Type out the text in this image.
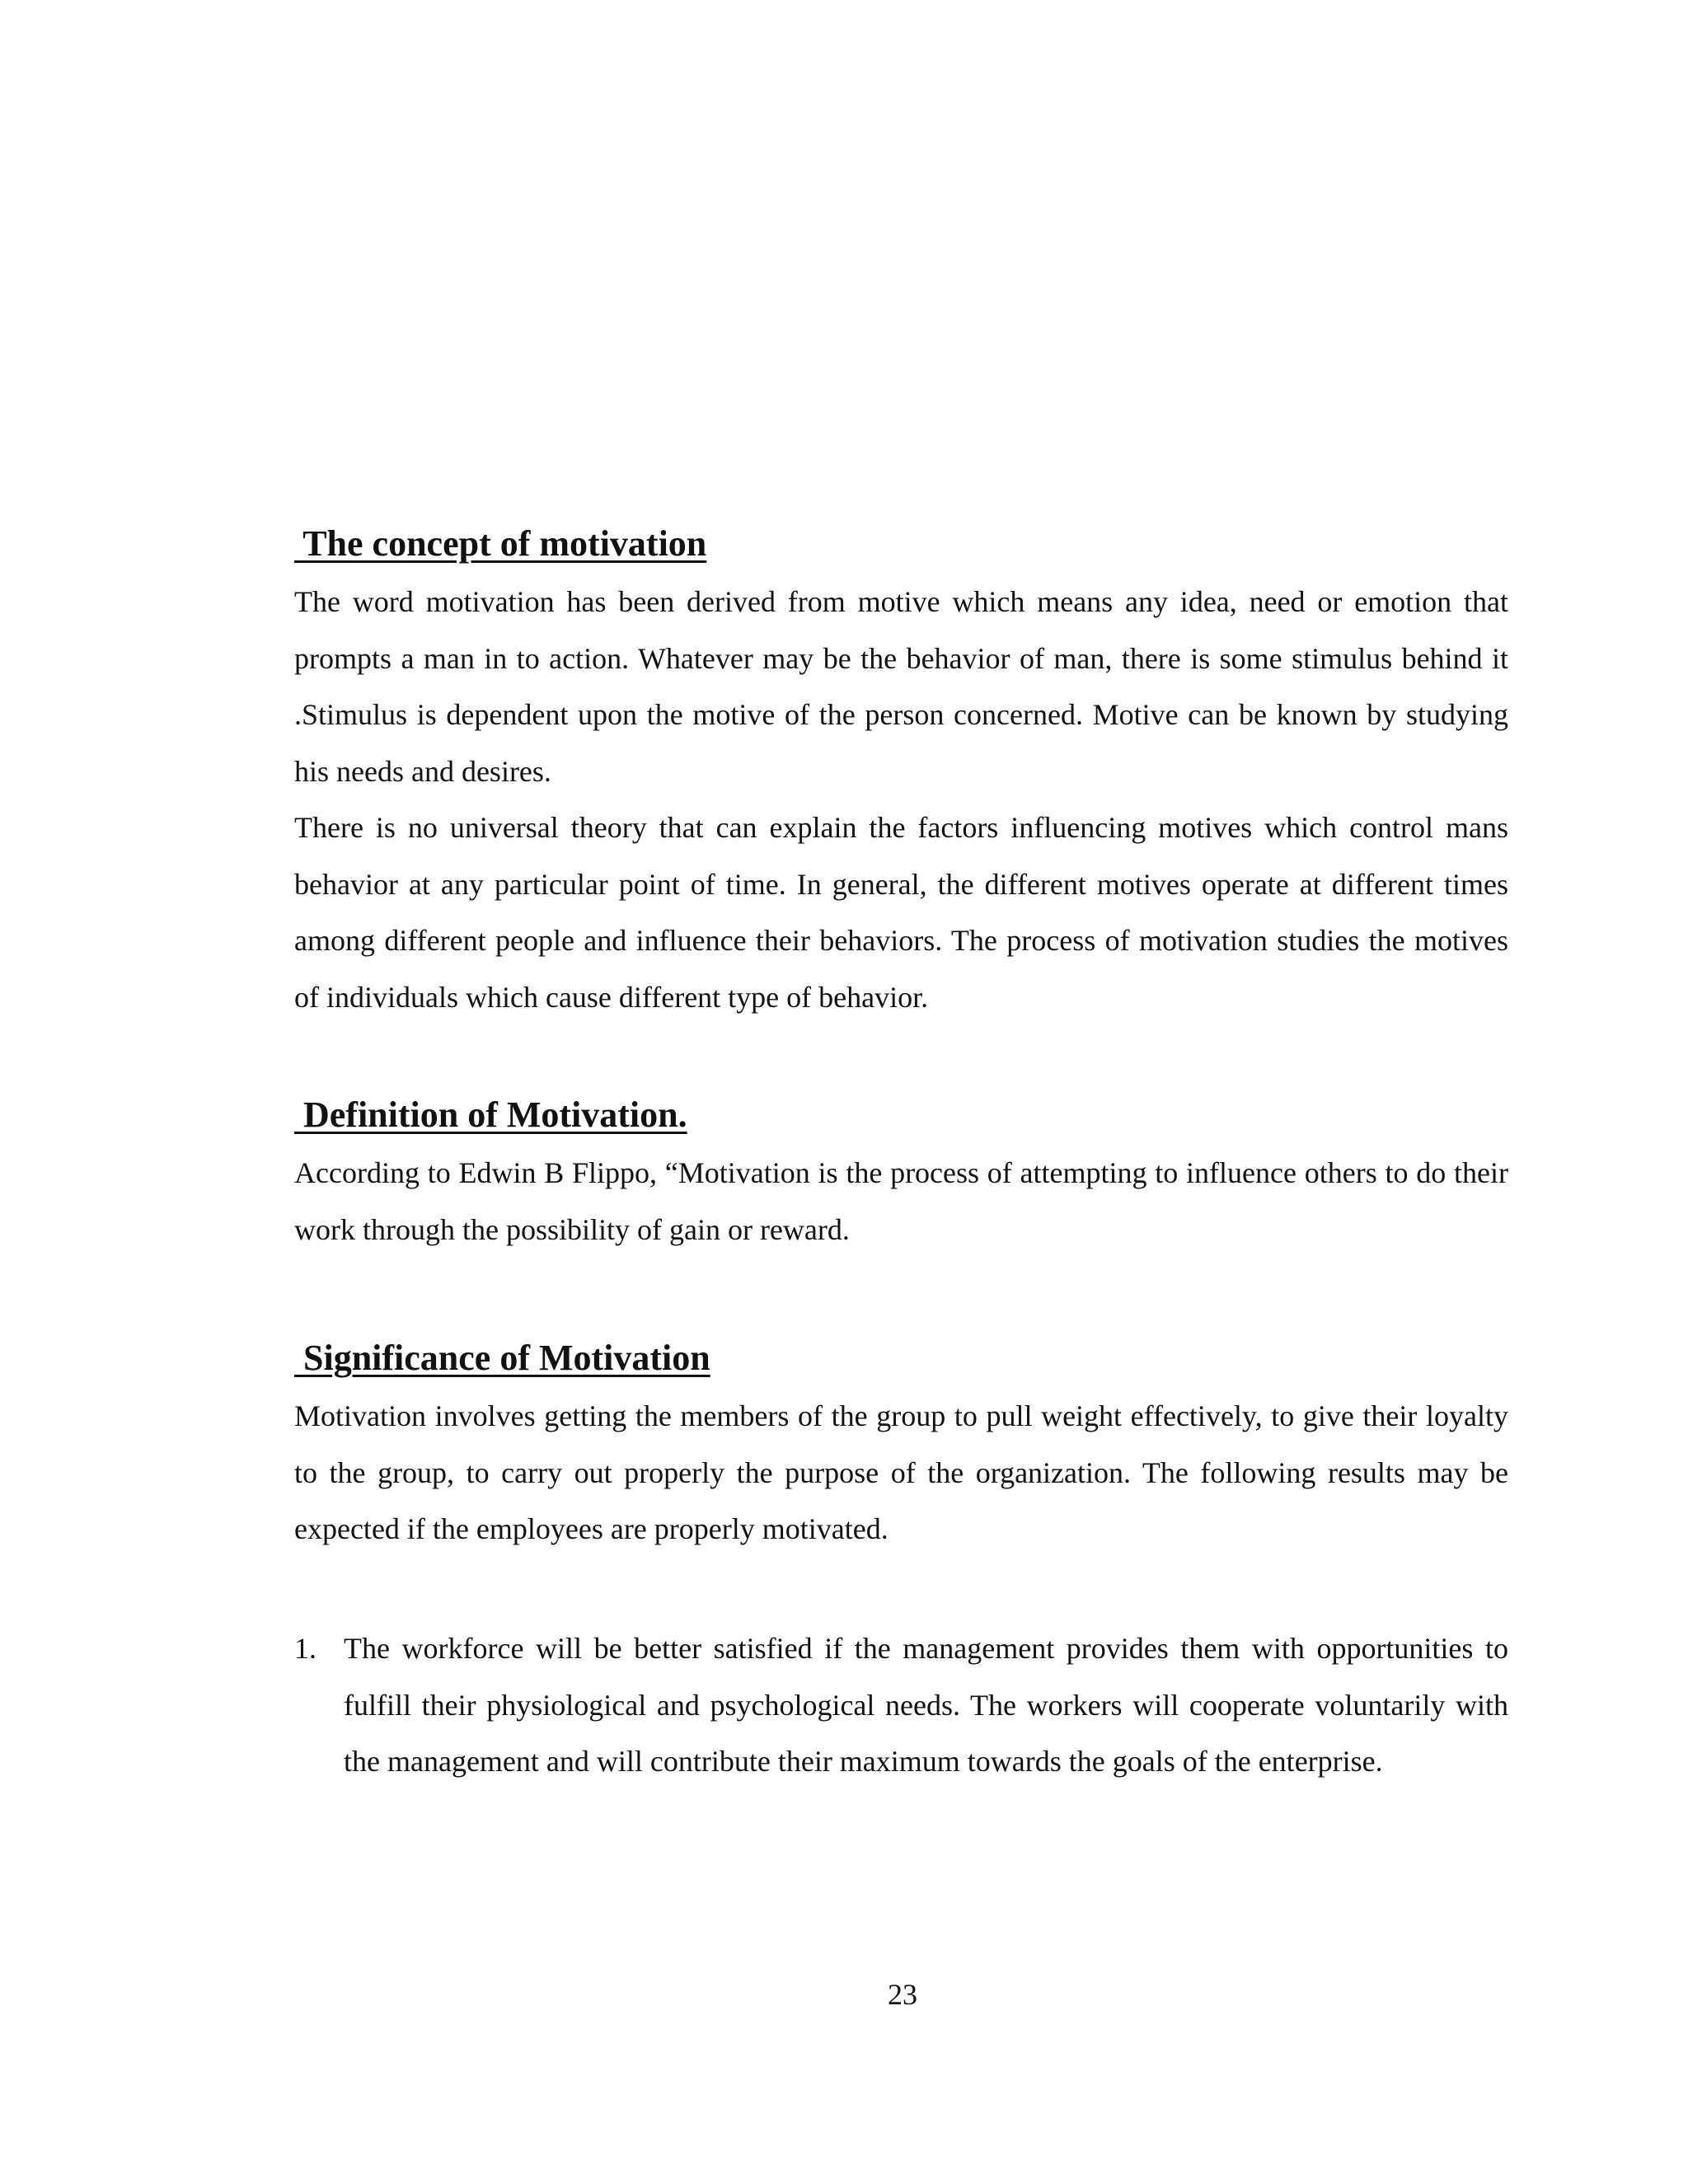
The concept of motivation

The word motivation has been derived from motive which means any idea, need or emotion that prompts a man in to action. Whatever may be the behavior of man, there is some stimulus behind it .Stimulus is dependent upon the motive of the person concerned. Motive can be known by studying his needs and desires.

There is no universal theory that can explain the factors influencing motives which control mans behavior at any particular point of time. In general, the different motives operate at different times among different people and influence their behaviors. The process of motivation studies the motives of individuals which cause different type of behavior.

Definition of Motivation.

According to Edwin B Flippo, “Motivation is the process of attempting to influence others to do their work through the possibility of gain or reward.

Significance of Motivation

Motivation involves getting the members of the group to pull weight effectively, to give their loyalty to the group, to carry out properly the purpose of the organization. The following results may be expected if the employees are properly motivated.

1. The workforce will be better satisfied if the management provides them with opportunities to fulfill their physiological and psychological needs. The workers will cooperate voluntarily with the management and will contribute their maximum towards the goals of the enterprise.
23
